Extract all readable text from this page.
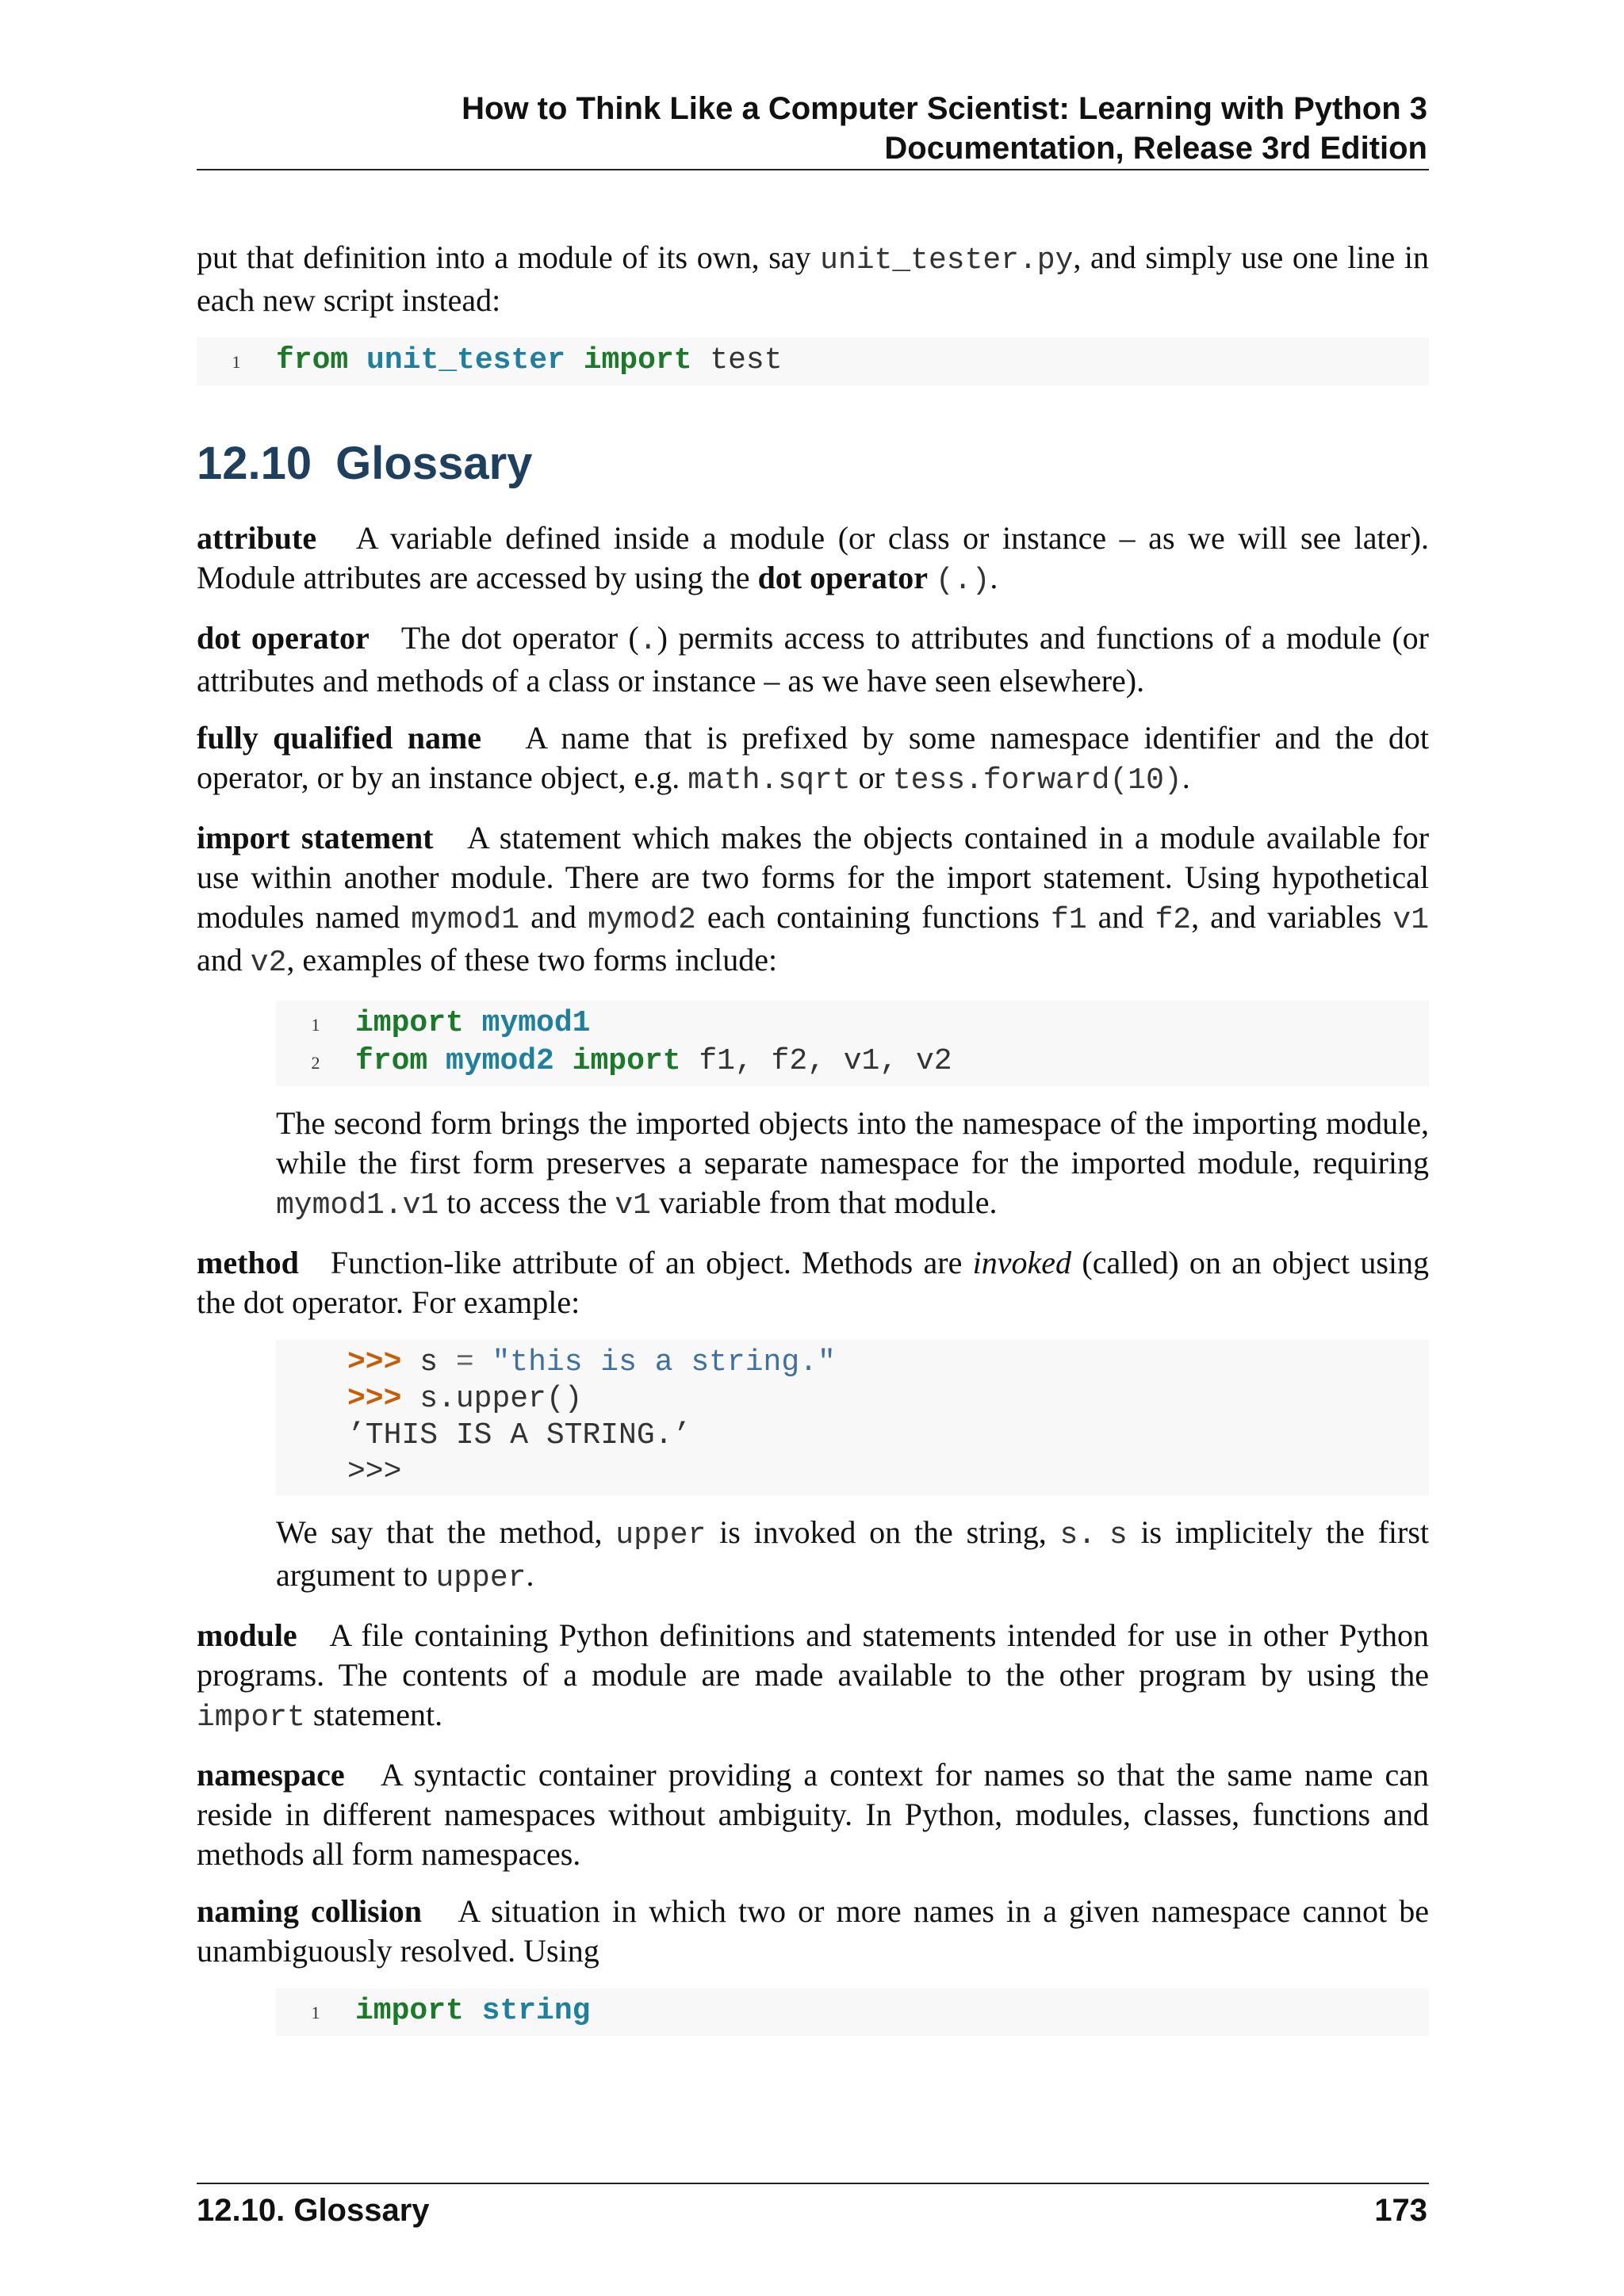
How to Think Like a Computer Scientist: Learning with Python 3
Documentation, Release 3rd Edition

put that definition into a module of its own, say unit_tester.py, and simply use one line in each new script instead:

1 from unit_tester import test
12.10 Glossary

attribute A variable defined inside a module (or class or instance – as we will see later). Module attributes are accessed by using the dot operator (.).

dot operator The dot operator (.) permits access to attributes and functions of a module (or attributes and methods of a class or instance – as we have seen elsewhere).

fully qualified name A name that is prefixed by some namespace identifier and the dot operator, or by an instance object, e.g. math.sqrt or tess.forward(10).

import statement A statement which makes the objects contained in a module available for use within another module. There are two forms for the import statement. Using hypothetical modules named mymod1 and mymod2 each containing functions f1 and f2, and variables v1 and v2, examples of these two forms include:

1 import mymod1
2 from mymod2 import f1, f2, v1, v2

The second form brings the imported objects into the namespace of the importing module, while the first form preserves a separate namespace for the imported module, requiring mymod1.v1 to access the v1 variable from that module.

method Function-like attribute of an object. Methods are invoked (called) on an object using the dot operator. For example:

>>> s = "this is a string."
>>> s.upper()
’THIS IS A STRING.’
>>>

We say that the method, upper is invoked on the string, s. s is implicitely the first argument to upper.

module A file containing Python definitions and statements intended for use in other Python programs. The contents of a module are made available to the other program by using the import statement.

namespace A syntactic container providing a context for names so that the same name can reside in different namespaces without ambiguity. In Python, modules, classes, functions and methods all form namespaces.

naming collision A situation in which two or more names in a given namespace cannot be unambiguously resolved. Using

1 import string
12.10. Glossary	173
